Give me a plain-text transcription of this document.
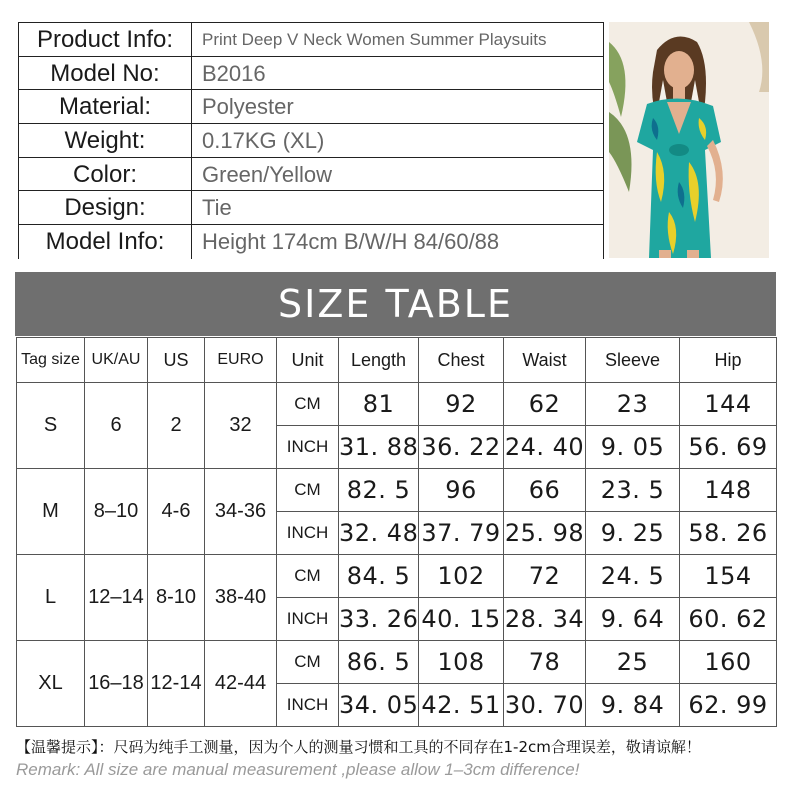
Product Info:	Print Deep V Neck Women Summer Playsuits
Model No:	B2016
Material:	Polyester
Weight:	0.17KG (XL)
Color:	Green/Yellow
Design:	Tie
Model Info:	Height 174cm B/W/H 84/60/88
SIZE TABLE
Tag size	UK/AU	US	EURO	Unit	Length	Chest	Waist	Sleeve	Hip
S	6	2	32	CM	81	92	62	23	144
				INCH	31. 88	36. 22	24. 40	9. 05	56. 69
M	8–10	4-6	34-36	CM	82. 5	96	66	23. 5	148
				INCH	32. 48	37. 79	25. 98	9. 25	58. 26
L	12–14	8-10	38-40	CM	84. 5	102	72	24. 5	154
				INCH	33. 26	40. 15	28. 34	9. 64	60. 62
XL	16–18	12-14	42-44	CM	86. 5	108	78	25	160
				INCH	34. 05	42. 51	30. 70	9. 84	62. 99
【温馨提示】：尺码为纯手工测量，因为个人的测量习惯和工具的不同存在1-2cm合理误差，敬请谅解！
Remark: All size are manual measurement ,please allow 1–3cm difference!
